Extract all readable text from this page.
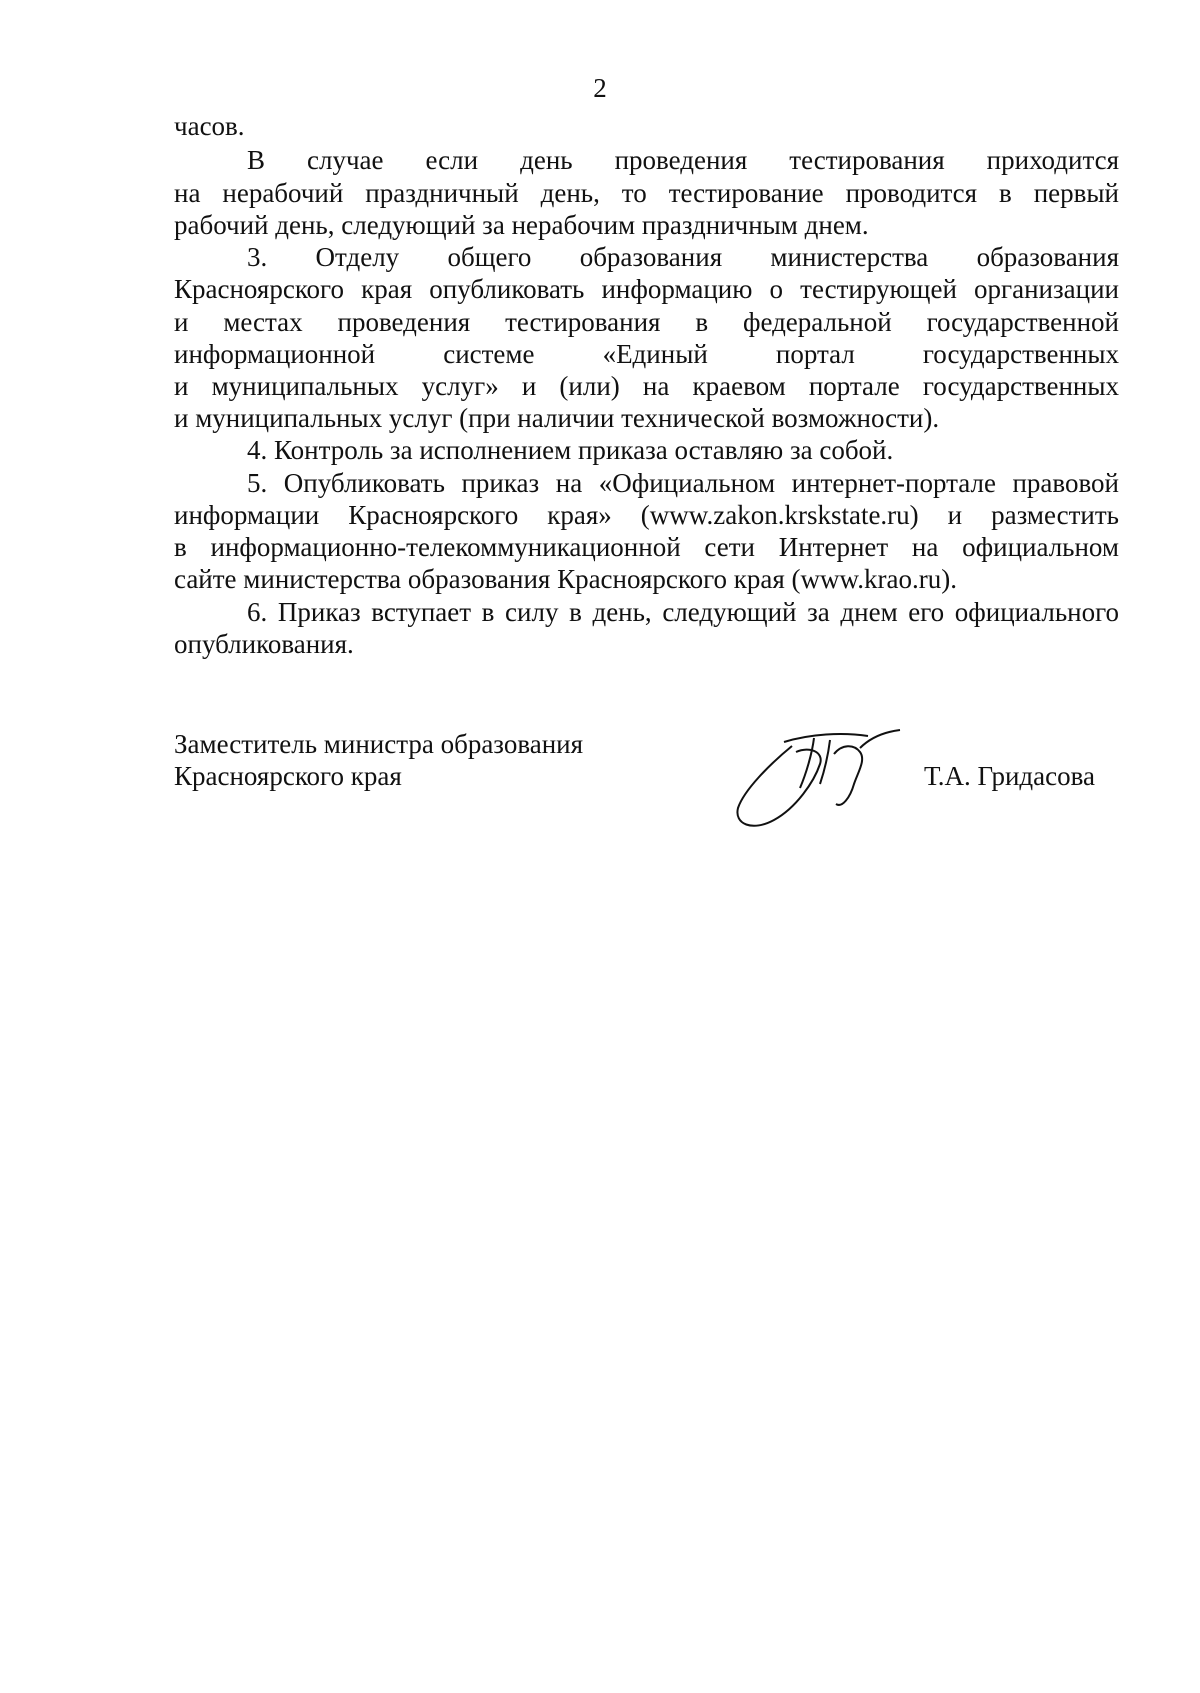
2
часов.
В случае если день проведения тестирования приходится
на нерабочий праздничный день, то тестирование проводится в первый
рабочий день, следующий за нерабочим праздничным днем.
3. Отделу общего образования министерства образования
Красноярского края опубликовать информацию о тестирующей организации
и местах проведения тестирования в федеральной государственной
информационной системе «Единый портал государственных
и муниципальных услуг» и (или) на краевом портале государственных
и муниципальных услуг (при наличии технической возможности).
4. Контроль за исполнением приказа оставляю за собой.
5. Опубликовать приказ на «Официальном интернет-портале правовой
информации Красноярского края» (www.zakon.krskstate.ru) и разместить
в информационно-телекоммуникационной сети Интернет на официальном
сайте министерства образования Красноярского края (www.krao.ru).
6. Приказ вступает в силу в день, следующий за днем его официального
опубликования.
Заместитель министра образования
Красноярского края	Т.А. Гридасова
